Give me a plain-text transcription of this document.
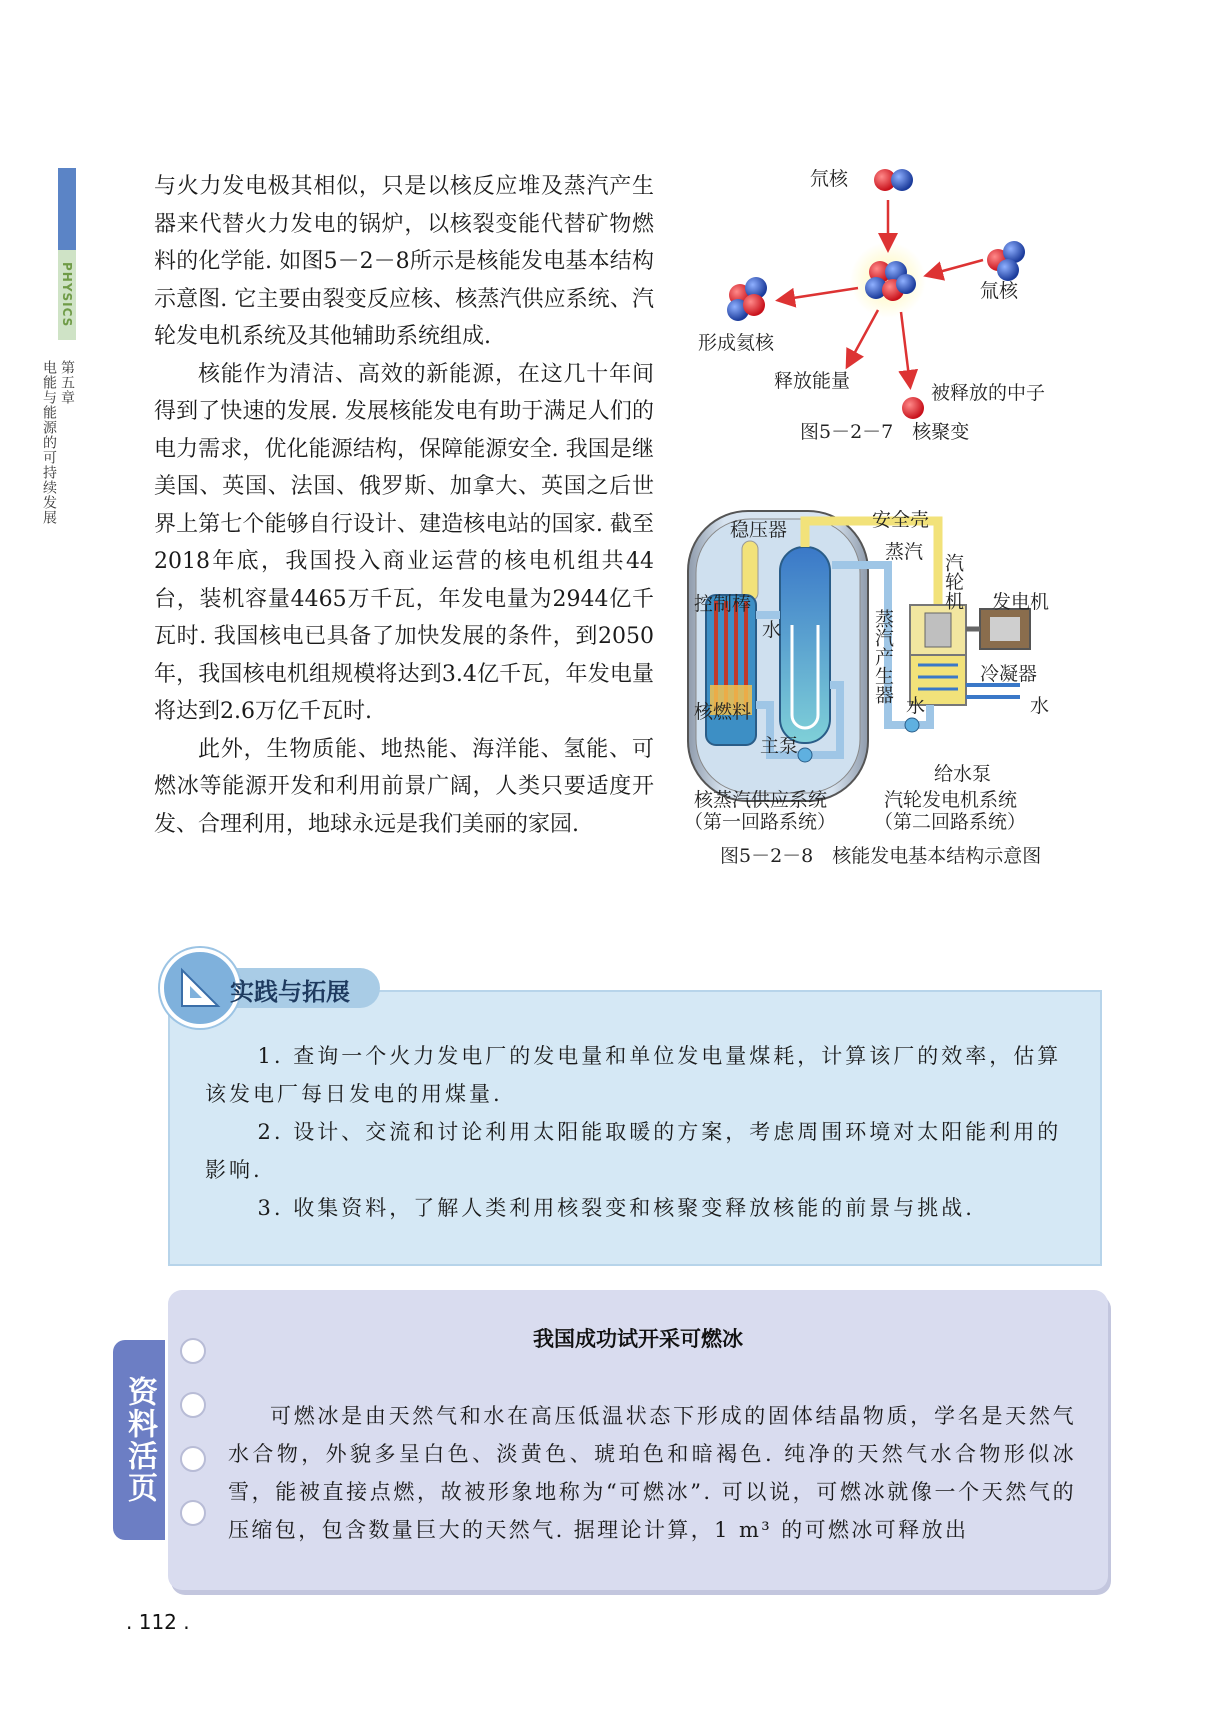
PHYSICS
第五章
电能与能源的可持续发展

与火力发电极其相似，只是以核反应堆及蒸汽产生器来代替火力发电的锅炉，以核裂变能代替矿物燃料的化学能. 如图5－2－8所示是核能发电基本结构示意图. 它主要由裂变反应核、核蒸汽供应系统、汽轮发电机系统及其他辅助系统组成.

核能作为清洁、高效的新能源，在这几十年间得到了快速的发展. 发展核能发电有助于满足人们的电力需求，优化能源结构，保障能源安全. 我国是继美国、英国、法国、俄罗斯、加拿大、英国之后世界上第七个能够自行设计、建造核电站的国家. 截至2018年底，我国投入商业运营的核电机组共44台，装机容量4465万千瓦，年发电量为2944亿千瓦时. 我国核电已具备了加快发展的条件，到2050年，我国核电机组规模将达到3.4亿千瓦，年发电量将达到2.6万亿千瓦时.

此外，生物质能、地热能、海洋能、氢能、可燃冰等能源开发和利用前景广阔，人类只要适度开发、合理利用，地球永远是我们美丽的家园.

氘核
氚核
形成氦核
释放能量
被释放的中子
图5－2－7　核聚变
安全壳
稳压器
蒸汽
控制棒
水	蒸汽产生器
汽轮机 发电机
冷凝器
核燃料
主泵
水	水
给水泵
核蒸汽供应系统
（第一回路系统）
汽轮发电机系统
（第二回路系统）
图5－2－8　核能发电基本结构示意图
实践与拓展

1. 查询一个火力发电厂的发电量和单位发电量煤耗，计算该厂的效率，估算该发电厂每日发电的用煤量.

2. 设计、交流和讨论利用太阳能取暖的方案，考虑周围环境对太阳能利用的影响.

3. 收集资料，了解人类利用核裂变和核聚变释放核能的前景与挑战.

资料活页
我国成功试开采可燃冰

可燃冰是由天然气和水在高压低温状态下形成的固体结晶物质，学名是天然气水合物，外貌多呈白色、淡黄色、琥珀色和暗褐色. 纯净的天然气水合物形似冰雪，能被直接点燃，故被形象地称为“可燃冰”. 可以说，可燃冰就像一个天然气的压缩包，包含数量巨大的天然气. 据理论计算，1 m³ 的可燃冰可释放出

. 112 .
